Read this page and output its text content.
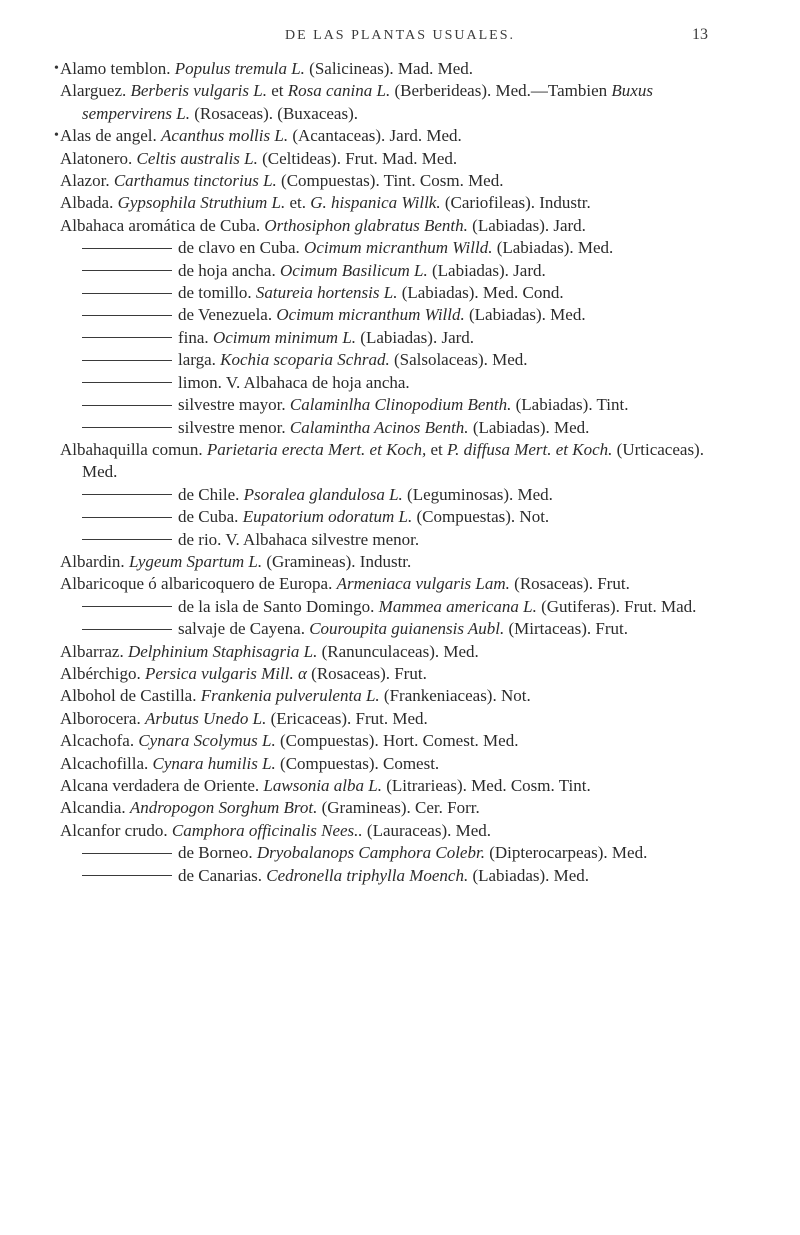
DE LAS PLANTAS USUALES.	13
• Alamo temblon. Populus tremula L. (Salicineas). Mad. Med.
Alarguez. Berberis vulgaris L. et Rosa canina L. (Berberideas). Med.—Tambien Buxus sempervirens L. (Rosaceas). (Buxaceas).
• Alas de angel. Acanthus mollis L. (Acantaceas). Jard. Med.
Alatonero. Celtis australis L. (Celtideas). Frut. Mad. Med.
Alazor. Carthamus tinctorius L. (Compuestas). Tint. Cosm. Med.
Albada. Gypsophila Struthium L. et. G. hispanica Willk. (Cariofileas). Industr.
Albahaca aromática de Cuba. Orthosiphon glabratus Benth. (Labiadas). Jard.
de clavo en Cuba. Ocimum micranthum Willd. (Labiadas). Med.
de hoja ancha. Ocimum Basilicum L. (Labiadas). Jard.
de tomillo. Satureia hortensis L. (Labiadas). Med. Cond.
de Venezuela. Ocimum micranthum Willd. (Labiadas). Med.
fina. Ocimum minimum L. (Labiadas). Jard.
larga. Kochia scoparia Schrad. (Salsolaceas). Med.
limon. V. Albahaca de hoja ancha.
silvestre mayor. Calaminlha Clinopodium Benth. (Labiadas). Tint.
silvestre menor. Calamintha Acinos Benth. (Labiadas). Med.
Albahaquilla comun. Parietaria erecta Mert. et Koch, et P. diffusa Mert. et Koch. (Urticaceas). Med.
de Chile. Psoralea glandulosa L. (Leguminosas). Med.
de Cuba. Eupatorium odoratum L. (Compuestas). Not.
de rio. V. Albahaca silvestre menor.
Albardin. Lygeum Spartum L. (Gramineas). Industr.
Albaricoque ó albaricoquero de Europa. Armeniaca vulgaris Lam. (Rosaceas). Frut.
de la isla de Santo Domingo. Mammea americana L. (Gutiferas). Frut. Mad.
salvaje de Cayena. Couroupita guianensis Aubl. (Mirtaceas). Frut.
Albarraz. Delphinium Staphisagria L. (Ranunculaceas). Med.
Albérchigo. Persica vulgaris Mill. α (Rosaceas). Frut.
Albohol de Castilla. Frankenia pulverulenta L. (Frankeniaceas). Not.
Alborocera. Arbutus Unedo L. (Ericaceas). Frut. Med.
Alcachofa. Cynara Scolymus L. (Compuestas). Hort. Comest. Med.
Alcachofilla. Cynara humilis L. (Compuestas). Comest.
Alcana verdadera de Oriente. Lawsonia alba L. (Litrarieas). Med. Cosm. Tint.
Alcandia. Andropogon Sorghum Brot. (Gramineas). Cer. Forr.
Alcanfor crudo. Camphora officinalis Nees.. (Lauraceas). Med.
de Borneo. Dryobalanops Camphora Colebr. (Dipterocarpeas). Med.
de Canarias. Cedronella triphylla Moench. (Labiadas). Med.
